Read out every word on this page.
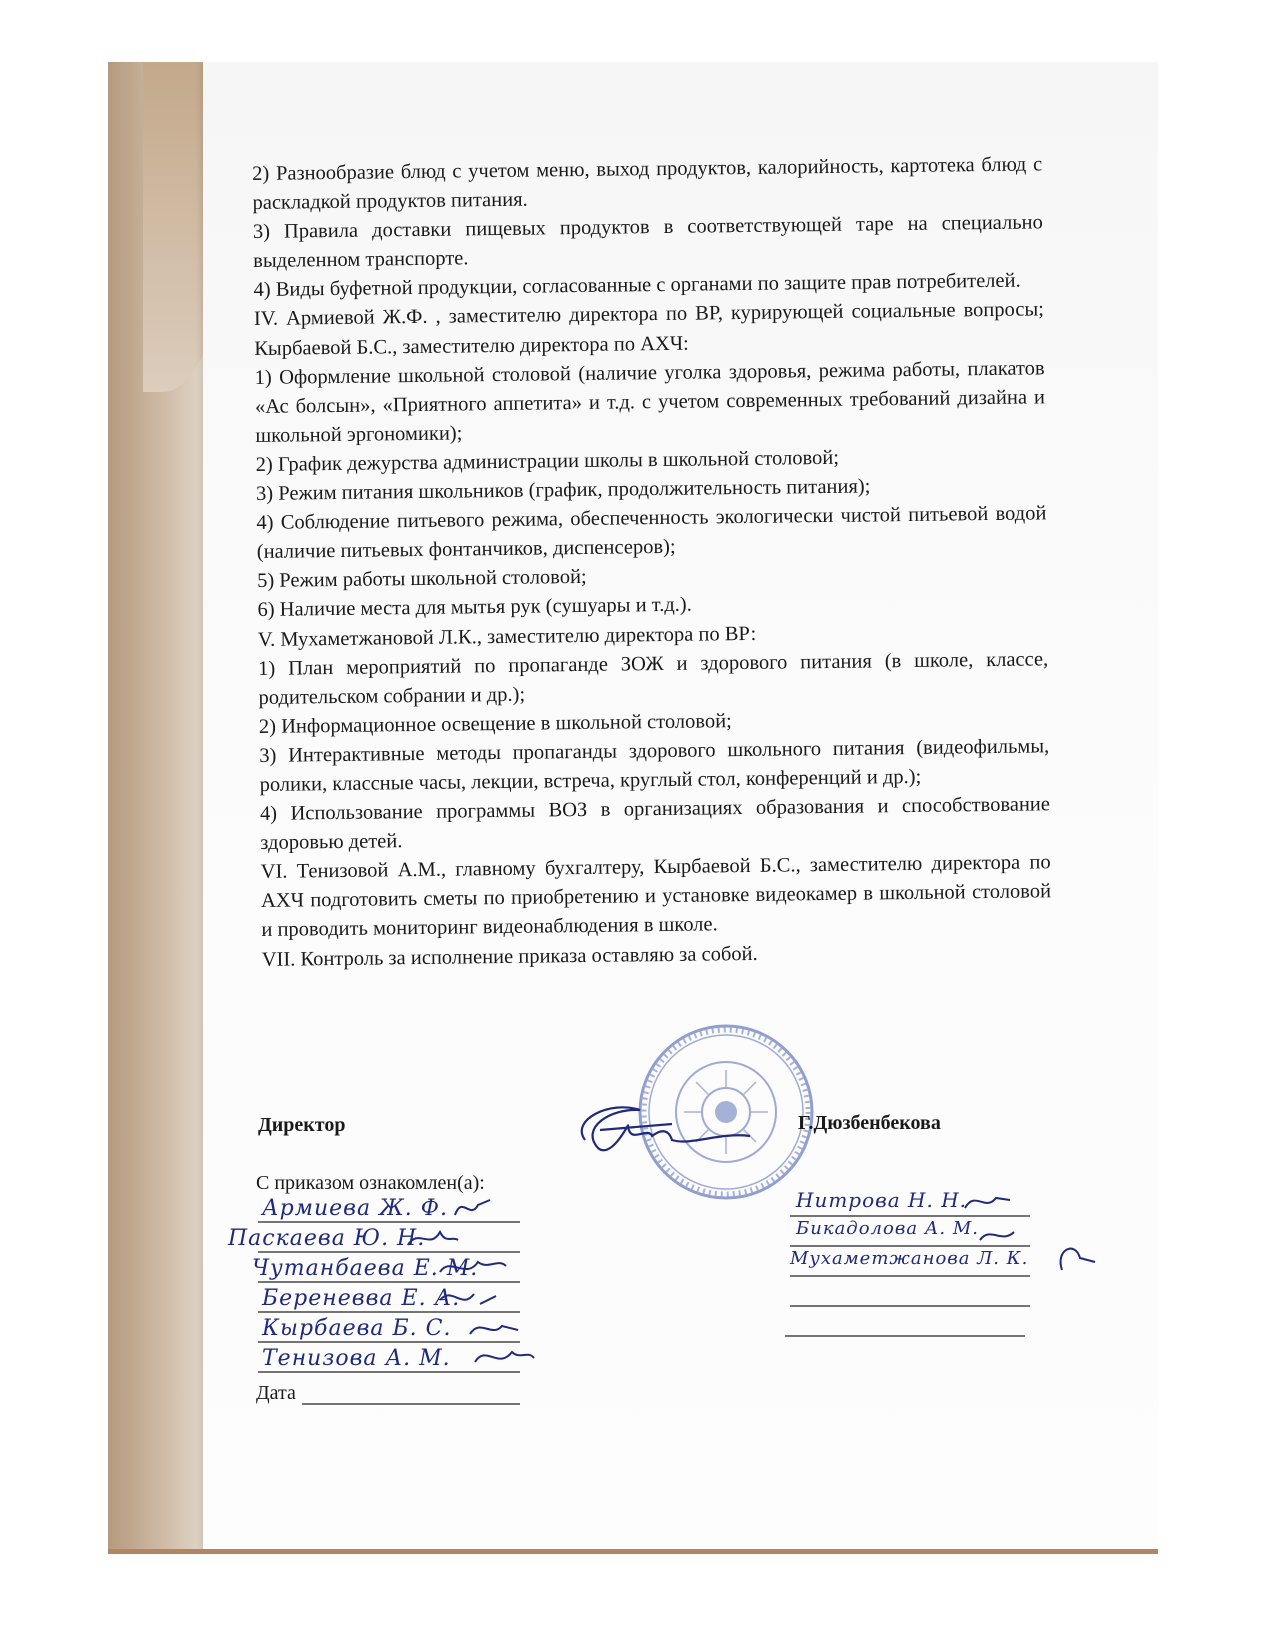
2) Разнообразие блюд с учетом меню, выход продуктов, калорийность, картотека блюд с раскладкой продуктов питания.

3) Правила доставки пищевых продуктов в соответствующей таре на специально выделенном транспорте.

4) Виды буфетной продукции, согласованные с органами по защите прав потребителей.

IV. Армиевой Ж.Ф. , заместителю директора по ВР, курирующей социальные вопросы; Кырбаевой Б.С., заместителю директора по АХЧ:

1) Оформление школьной столовой (наличие уголка здоровья, режима работы, плакатов «Ас болсын», «Приятного аппетита» и т.д. с учетом современных требований дизайна и школьной эргономики);

2) График дежурства администрации школы в школьной столовой;

3) Режим питания школьников (график, продолжительность питания);

4) Соблюдение питьевого режима, обеспеченность экологически чистой питьевой водой (наличие питьевых фонтанчиков, диспенсеров);

5) Режим работы школьной столовой;

6) Наличие места для мытья рук (сушуары и т.д.).

V. Мухаметжановой Л.К., заместителю директора по ВР:

1) План мероприятий по пропаганде ЗОЖ и здорового питания (в школе, классе, родительском собрании и др.);

2) Информационное освещение в школьной столовой;

3) Интерактивные методы пропаганды здорового школьного питания (видеофильмы, ролики, классные часы, лекции, встреча, круглый стол, конференций и др.);

4) Использование программы ВОЗ в организациях образования и способствование здоровью детей.

VI. Тенизовой А.М., главному бухгалтеру, Кырбаевой Б.С., заместителю директора по АХЧ подготовить сметы по приобретению и установке видеокамер в школьной столовой и проводить мониторинг видеонаблюдения в школе.

VII. Контроль за исполнение приказа оставляю за собой.

Директор	Г.Дюзбенбекова
С приказом ознакомлен(а):
Армиева Ж. Ф.
Паскаева Ю. Н.
Чутанбаева Е. М.
Береневва Е. А.
Кырбаева Б. С.
Тенизова А. М.
Нитрова Н. Н.
Бикадолова А. М.
Мухаметжанова Л. К.
Дата
